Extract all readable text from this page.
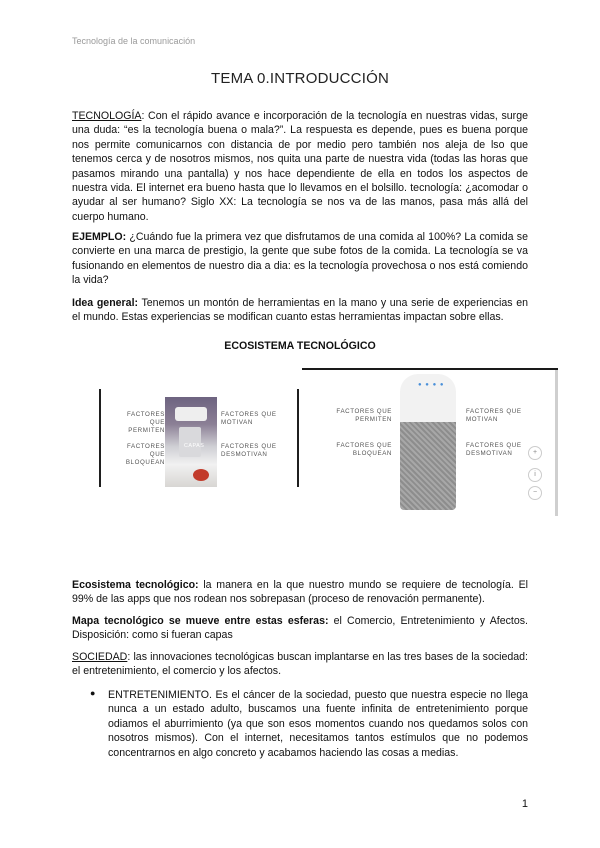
Tecnología de la comunicación
TEMA 0.INTRODUCCIÓN
TECNOLOGÍA: Con el rápido avance e incorporación de la tecnología en nuestras vidas, surge una duda: “es la tecnología buena o mala?”. La respuesta es depende, pues es buena porque nos permite comunicarnos con distancia de por medio pero también nos aleja de lso que tenemos cerca y de nosotros mismos, nos quita una parte de nuestra vida (todas las horas que pasamos mirando una pantalla) y nos hace dependiente de ella en todos los aspectos de nuestra vida. El internet era bueno hasta que lo llevamos en el bolsillo. tecnología: ¿acomodar o ayudar al ser humano? Siglo XX: La tecnología se nos va de las manos, pasa más allá del cuerpo humano.
EJEMPLO: ¿Cuándo fue la primera vez que disfrutamos de una comida al 100%? La comida se convierte en una marca de prestigio, la gente que sube fotos de la comida. La tecnología se va fusionando en elementos de nuestro dia a dia: es la tecnología provechosa o nos está comiendo la vida?
Idea general: Tenemos un montón de herramientas en la mano y una serie de experiencias en el mundo. Estas experiencias se modifican cuanto estas herramientas impactan sobre ellas.
ECOSISTEMA TECNOLÓGICO
CAPAS
FACTORES QUE PERMITEN
FACTORES QUE MOTIVAN
FACTORES QUE BLOQUEAN
FACTORES QUE DESMOTIVAN
● ● ● ●
FACTORES QUE PERMITEN
FACTORES QUE MOTIVAN
FACTORES QUE BLOQUEAN
FACTORES QUE DESMOTIVAN	+
i
−
Ecosistema tecnológico: la manera en la que nuestro mundo se requiere de tecnología. El 99% de las apps que nos rodean nos sobrepasan (proceso de renovación permanente).
Mapa tecnológico se mueve entre estas esferas: el Comercio, Entretenimiento y Afectos. Disposición: como si fueran capas
SOCIEDAD: las innovaciones tecnológicas buscan implantarse en las tres bases de la sociedad: el entretenimiento, el comercio y los afectos.
● ENTRETENIMIENTO. Es el cáncer de la sociedad, puesto que nuestra especie no llega nunca a un estado adulto, buscamos una fuente infinita de entretenimiento porque odiamos el aburrimiento (ya que son esos momentos cuando nos quedamos solos con nosotros mismos). Con el internet, necesitamos tantos estímulos que no podemos concentrarnos en algo concreto y acabamos haciendo las cosas a medias.
1
